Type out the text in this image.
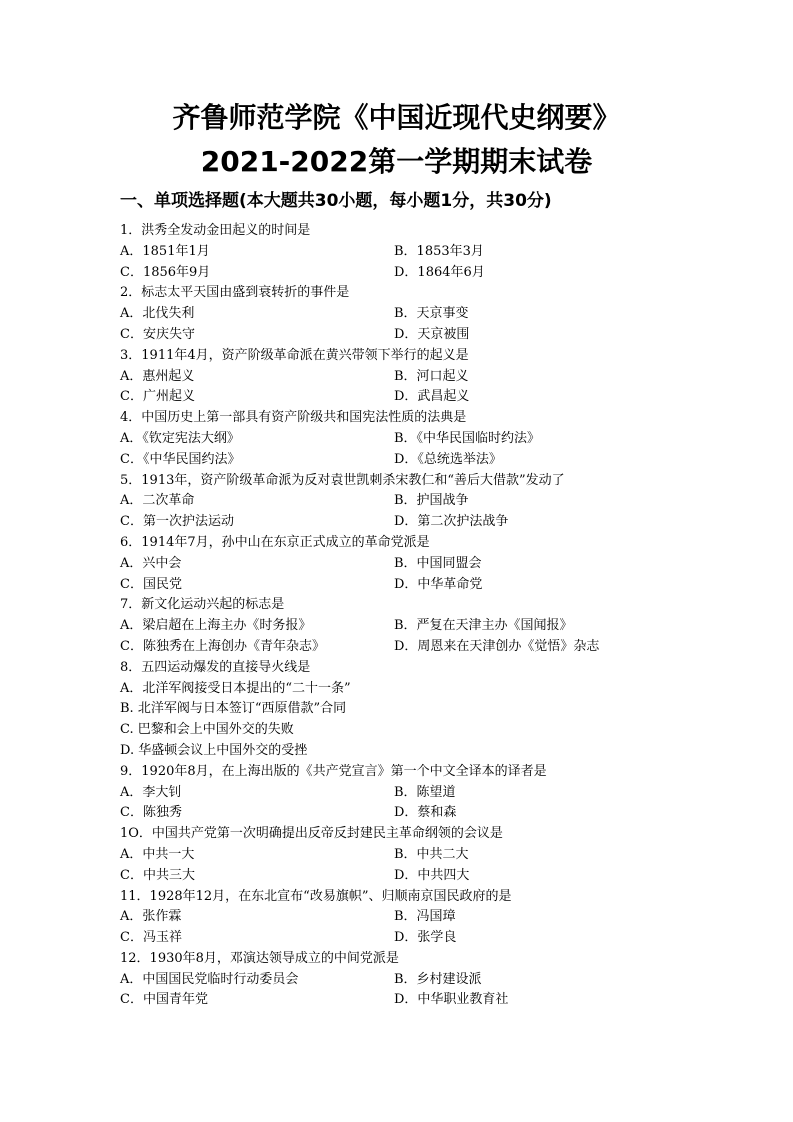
齐鲁师范学院《中国近现代史纲要》
2021-2022第一学期期末试卷
一、单项选择题(本大题共30小题，每小题1分，共30分)
1．洪秀全发动金田起义的时间是
A．1851年1月	B．1853年3月
C．1856年9月	D．1864年6月
2．标志太平天国由盛到衰转折的事件是
A．北伐失利	B．天京事变
C．安庆失守	D．天京被围
3．1911年4月，资产阶级革命派在黄兴带领下举行的起义是
A．惠州起义	B．河口起义
C．广州起义	D．武昌起义
4．中国历史上第一部具有资产阶级共和国宪法性质的法典是
A．《钦定宪法大纲》	B．《中华民国临时约法》
C．《中华民国约法》	D．《总统选举法》
5．1913年，资产阶级革命派为反对袁世凯刺杀宋教仁和“善后大借款”发动了
A．二次革命	B．护国战争
C．第一次护法运动	D．第二次护法战争
6．1914年7月，孙中山在东京正式成立的革命党派是
A．兴中会	B．中国同盟会
C．国民党	D．中华革命党
7．新文化运动兴起的标志是
A．梁启超在上海主办《时务报》	B．严复在天津主办《国闻报》
C．陈独秀在上海创办《青年杂志》	D．周恩来在天津创办《觉悟》杂志
8．五四运动爆发的直接导火线是
A．北洋军阀接受日本提出的“二十一条”
B. 北洋军阀与日本签订“西原借款”合同
C. 巴黎和会上中国外交的失败
D. 华盛顿会议上中国外交的受挫
9．1920年8月，在上海出版的《共产党宣言》第一个中文全译本的译者是
A．李大钊	B．陈望道
C．陈独秀	D．蔡和森
1O．中国共产党第一次明确提出反帝反封建民主革命纲领的会议是
A．中共一大	B．中共二大
C．中共三大	D．中共四大
11．1928年12月，在东北宣布“改易旗帜”、归顺南京国民政府的是
A．张作霖	B．冯国璋
C．冯玉祥	D．张学良
12．1930年8月，邓演达领导成立的中间党派是
A．中国国民党临时行动委员会	B．乡村建设派
C．中国青年党	D．中华职业教育社
